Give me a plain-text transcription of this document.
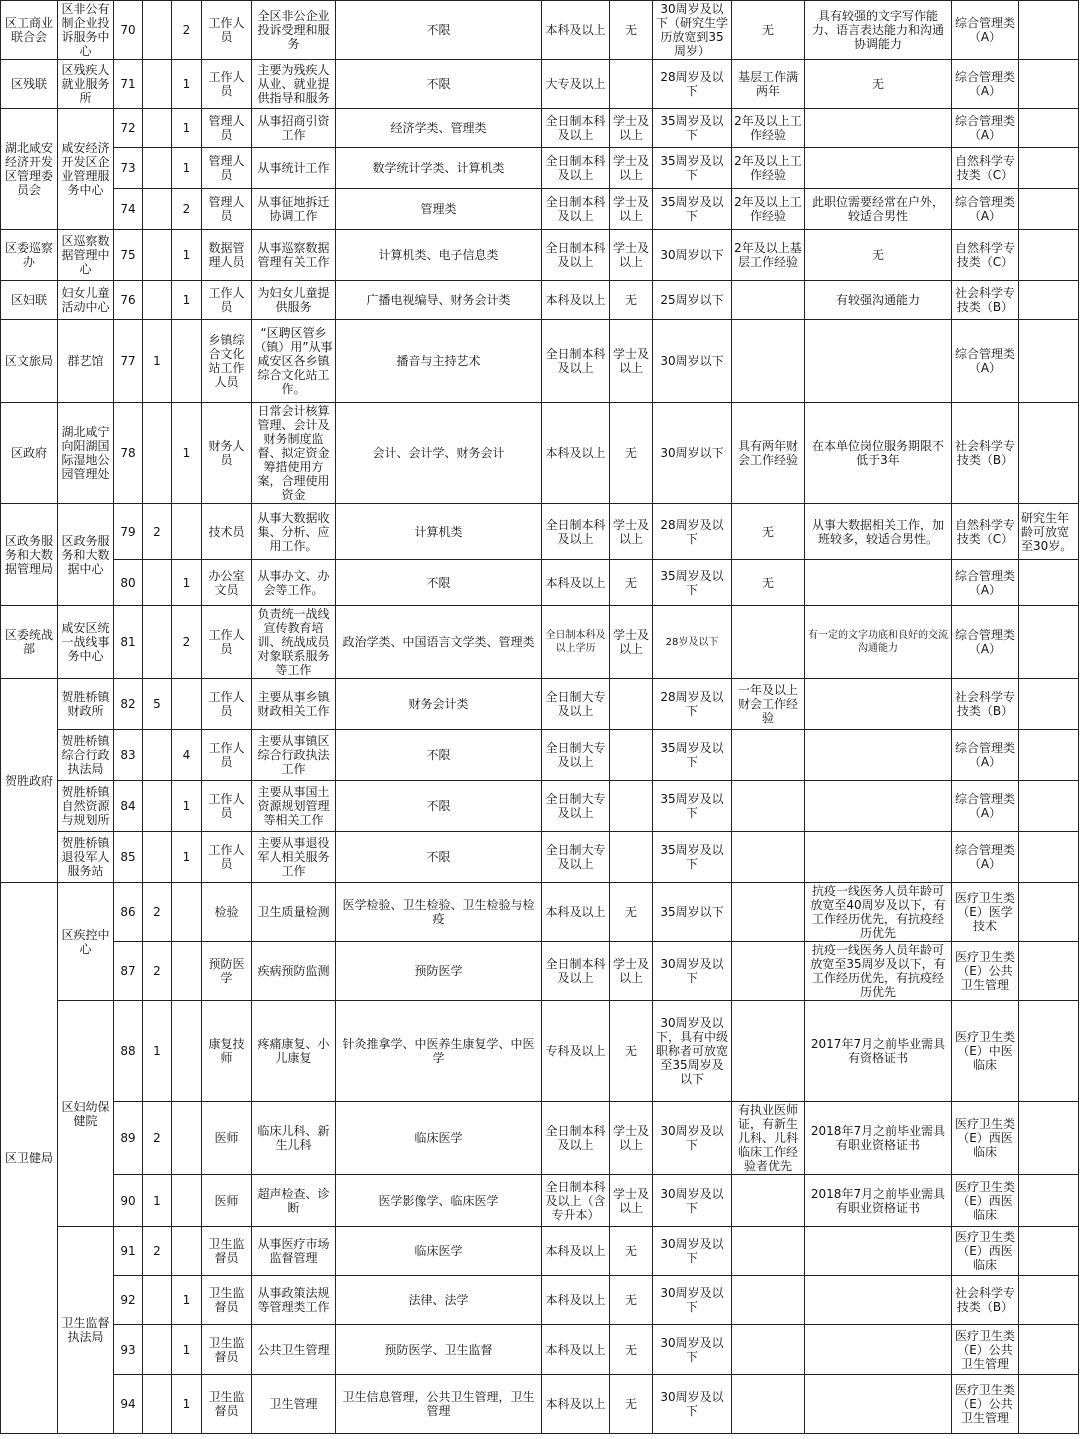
区工商业联合会	区非公有制企业投诉服务中心	70		2	工作人员	全区非公企业投诉受理和服务	不限	本科及以上	无	30周岁及以下（研究生学历放宽到35周岁）	无	具有较强的文字写作能力、语言表达能力和沟通协调能力	综合管理类（A）	
区残联	区残疾人就业服务所	71		1	工作人员	主要为残疾人从业、就业提供指导和服务	不限	大专及以上		28周岁及以下	基层工作满两年	无	综合管理类（A）	
湖北咸安经济开发区管理委员会	咸安经济开发区企业管理服务中心	72		1	管理人员	从事招商引资工作	经济学类、管理类	全日制本科及以上	学士及以上	35周岁及以下	2年及以上工作经验		综合管理类（A）	
		73		1	管理人员	从事统计工作	数学统计学类、计算机类	全日制本科及以上	学士及以上	35周岁及以下	2年及以上工作经验		自然科学专技类（C）	
		74		2	管理人员	从事征地拆迁协调工作	管理类	全日制本科及以上	学士及以上	35周岁及以下	2年及以上工作经验	此职位需要经常在户外，较适合男性	综合管理类（A）	
区委巡察办	区巡察数据管理中心	75		1	数据管理人员	从事巡察数据管理有关工作	计算机类、电子信息类	全日制本科及以上	学士及以上	30周岁以下	2年及以上基层工作经验	无	自然科学专技类（C）	
区妇联	妇女儿童活动中心	76		1	工作人员	为妇女儿童提供服务	广播电视编导、财务会计类	本科及以上	无	25周岁以下		有较强沟通能力	社会科学专技类（B）	
区文旅局	群艺馆	77	1		乡镇综合文化站工作人员	“区聘区管乡（镇）用”从事咸安区各乡镇综合文化站工作。	播音与主持艺术	全日制本科及以上	学士及以上	30周岁以下			综合管理类（A）	
区政府	湖北咸宁向阳湖国际湿地公园管理处	78		1	财务人员	日常会计核算管理、会计及财务制度监督、拟定资金筹措使用方案，合理使用资金	会计、会计学、财务会计	本科及以上	无	30周岁以下	具有两年财会工作经验	在本单位岗位服务期限不低于3年	社会科学专技类（B）	
区政务服务和大数据管理局	区政务服务和大数据中心	79	2		技术员	从事大数据收集、分析、应用工作。	计算机类	全日制本科及以上	学士及以上	28周岁及以下	无	从事大数据相关工作，加班较多，较适合男性。	自然科学专技类（C）	研究生年龄可放宽至30岁。
		80		1	办公室文员	从事办文、办会等工作。	不限	本科及以上	无	35周岁及以下	无		综合管理类（A）	
区委统战部	咸安区统一战线事务中心	81		2	工作人员	负责统一战线宣传教育培训、统战成员对象联系服务等工作	政治学类、中国语言文学类、管理类	全日制本科及以上学历	学士及以上	28岁及以下		有一定的文字功底和良好的交流沟通能力	综合管理类（A）	
贺胜政府	贺胜桥镇财政所	82	5		工作人员	主要从事乡镇财政相关工作	财务会计类	全日制大专及以上		28周岁及以下	一年及以上财会工作经验		社会科学专技类（B）	
	贺胜桥镇综合行政执法局	83		4	工作人员	主要从事镇区综合行政执法工作	不限	全日制大专及以上		35周岁及以下			综合管理类（A）	
	贺胜桥镇自然资源与规划所	84		1	工作人员	主要从事国土资源规划管理等相关工作	不限	全日制大专及以上		35周岁及以下			综合管理类（A）	
	贺胜桥镇退役军人服务站	85		1	工作人员	主要从事退役军人相关服务工作	不限	全日制大专及以上		35周岁及以下			综合管理类（A）	
区卫健局	区疾控中心	86	2		检验	卫生质量检测	医学检验、卫生检验、卫生检验与检疫	本科及以上	无	35周岁以下		抗疫一线医务人员年龄可放宽至40周岁及以下，有工作经历优先，有抗疫经历优先	医疗卫生类（E）医学技术	
		87	2		预防医学	疾病预防监测	预防医学	全日制本科及以上	学士及以上	30周岁及以下		抗疫一线医务人员年龄可放宽至35周岁及以下，有工作经历优先，有抗疫经历优先	医疗卫生类（E）公共卫生管理	
	区妇幼保健院	88	1		康复技师	疼痛康复、小儿康复	针灸推拿学、中医养生康复学、中医学	专科及以上	无	30周岁及以下，具有中级职称者可放宽至35周岁及以下		2017年7月之前毕业需具有资格证书	医疗卫生类（E）中医临床	
		89	2		医师	临床儿科、新生儿科	临床医学	全日制本科及以上	学士及以上	30周岁及以下	有执业医师证，有新生儿科、儿科临床工作经验者优先	2018年7月之前毕业需具有职业资格证书	医疗卫生类（E）西医临床	
		90	1		医师	超声检查、诊断	医学影像学、临床医学	全日制本科及以上（含专升本）	学士及以上	30周岁及以下		2018年7月之前毕业需具有职业资格证书	医疗卫生类（E）西医临床	
	卫生监督执法局	91	2		卫生监督员	从事医疗市场监督管理	临床医学	本科及以上	无	30周岁及以下			医疗卫生类（E）西医临床	
		92		1	卫生监督员	从事政策法规等管理类工作	法律、法学	本科及以上	无	30周岁及以下			社会科学专技类（B）	
		93		1	卫生监督员	公共卫生管理	预防医学、卫生监督	本科及以上	无	30周岁及以下			医疗卫生类（E）公共卫生管理	
		94		1	卫生监督员	卫生管理	卫生信息管理，公共卫生管理，卫生管理	本科及以上	无	30周岁及以下			医疗卫生类（E）公共卫生管理	
